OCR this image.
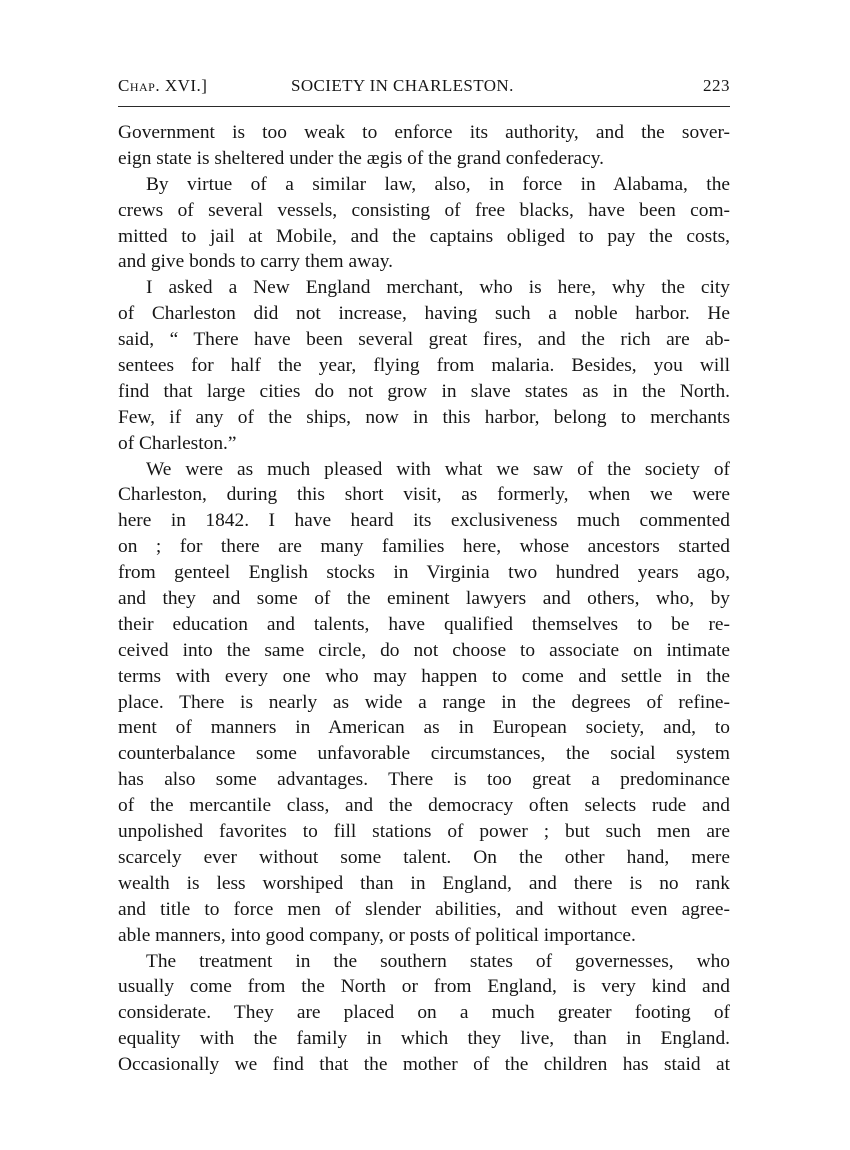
Chap. XVI.]	SOCIETY IN CHARLESTON.	223
Government is too weak to enforce its authority, and the sover-
eign state is sheltered under the ægis of the grand confederacy.
By virtue of a similar law, also, in force in Alabama, the
crews of several vessels, consisting of free blacks, have been com-
mitted to jail at Mobile, and the captains obliged to pay the costs,
and give bonds to carry them away.
I asked a New England merchant, who is here, why the city
of Charleston did not increase, having such a noble harbor. He
said, “ There have been several great fires, and the rich are ab-
sentees for half the year, flying from malaria. Besides, you will
find that large cities do not grow in slave states as in the North.
Few, if any of the ships, now in this harbor, belong to merchants
of Charleston.”
We were as much pleased with what we saw of the society of
Charleston, during this short visit, as formerly, when we were
here in 1842. I have heard its exclusiveness much commented
on ; for there are many families here, whose ancestors started
from genteel English stocks in Virginia two hundred years ago,
and they and some of the eminent lawyers and others, who, by
their education and talents, have qualified themselves to be re-
ceived into the same circle, do not choose to associate on intimate
terms with every one who may happen to come and settle in the
place. There is nearly as wide a range in the degrees of refine-
ment of manners in American as in European society, and, to
counterbalance some unfavorable circumstances, the social system
has also some advantages. There is too great a predominance
of the mercantile class, and the democracy often selects rude and
unpolished favorites to fill stations of power ; but such men are
scarcely ever without some talent. On the other hand, mere
wealth is less worshiped than in England, and there is no rank
and title to force men of slender abilities, and without even agree-
able manners, into good company, or posts of political importance.
The treatment in the southern states of governesses, who
usually come from the North or from England, is very kind and
considerate. They are placed on a much greater footing of
equality with the family in which they live, than in England.
Occasionally we find that the mother of the children has staid at
